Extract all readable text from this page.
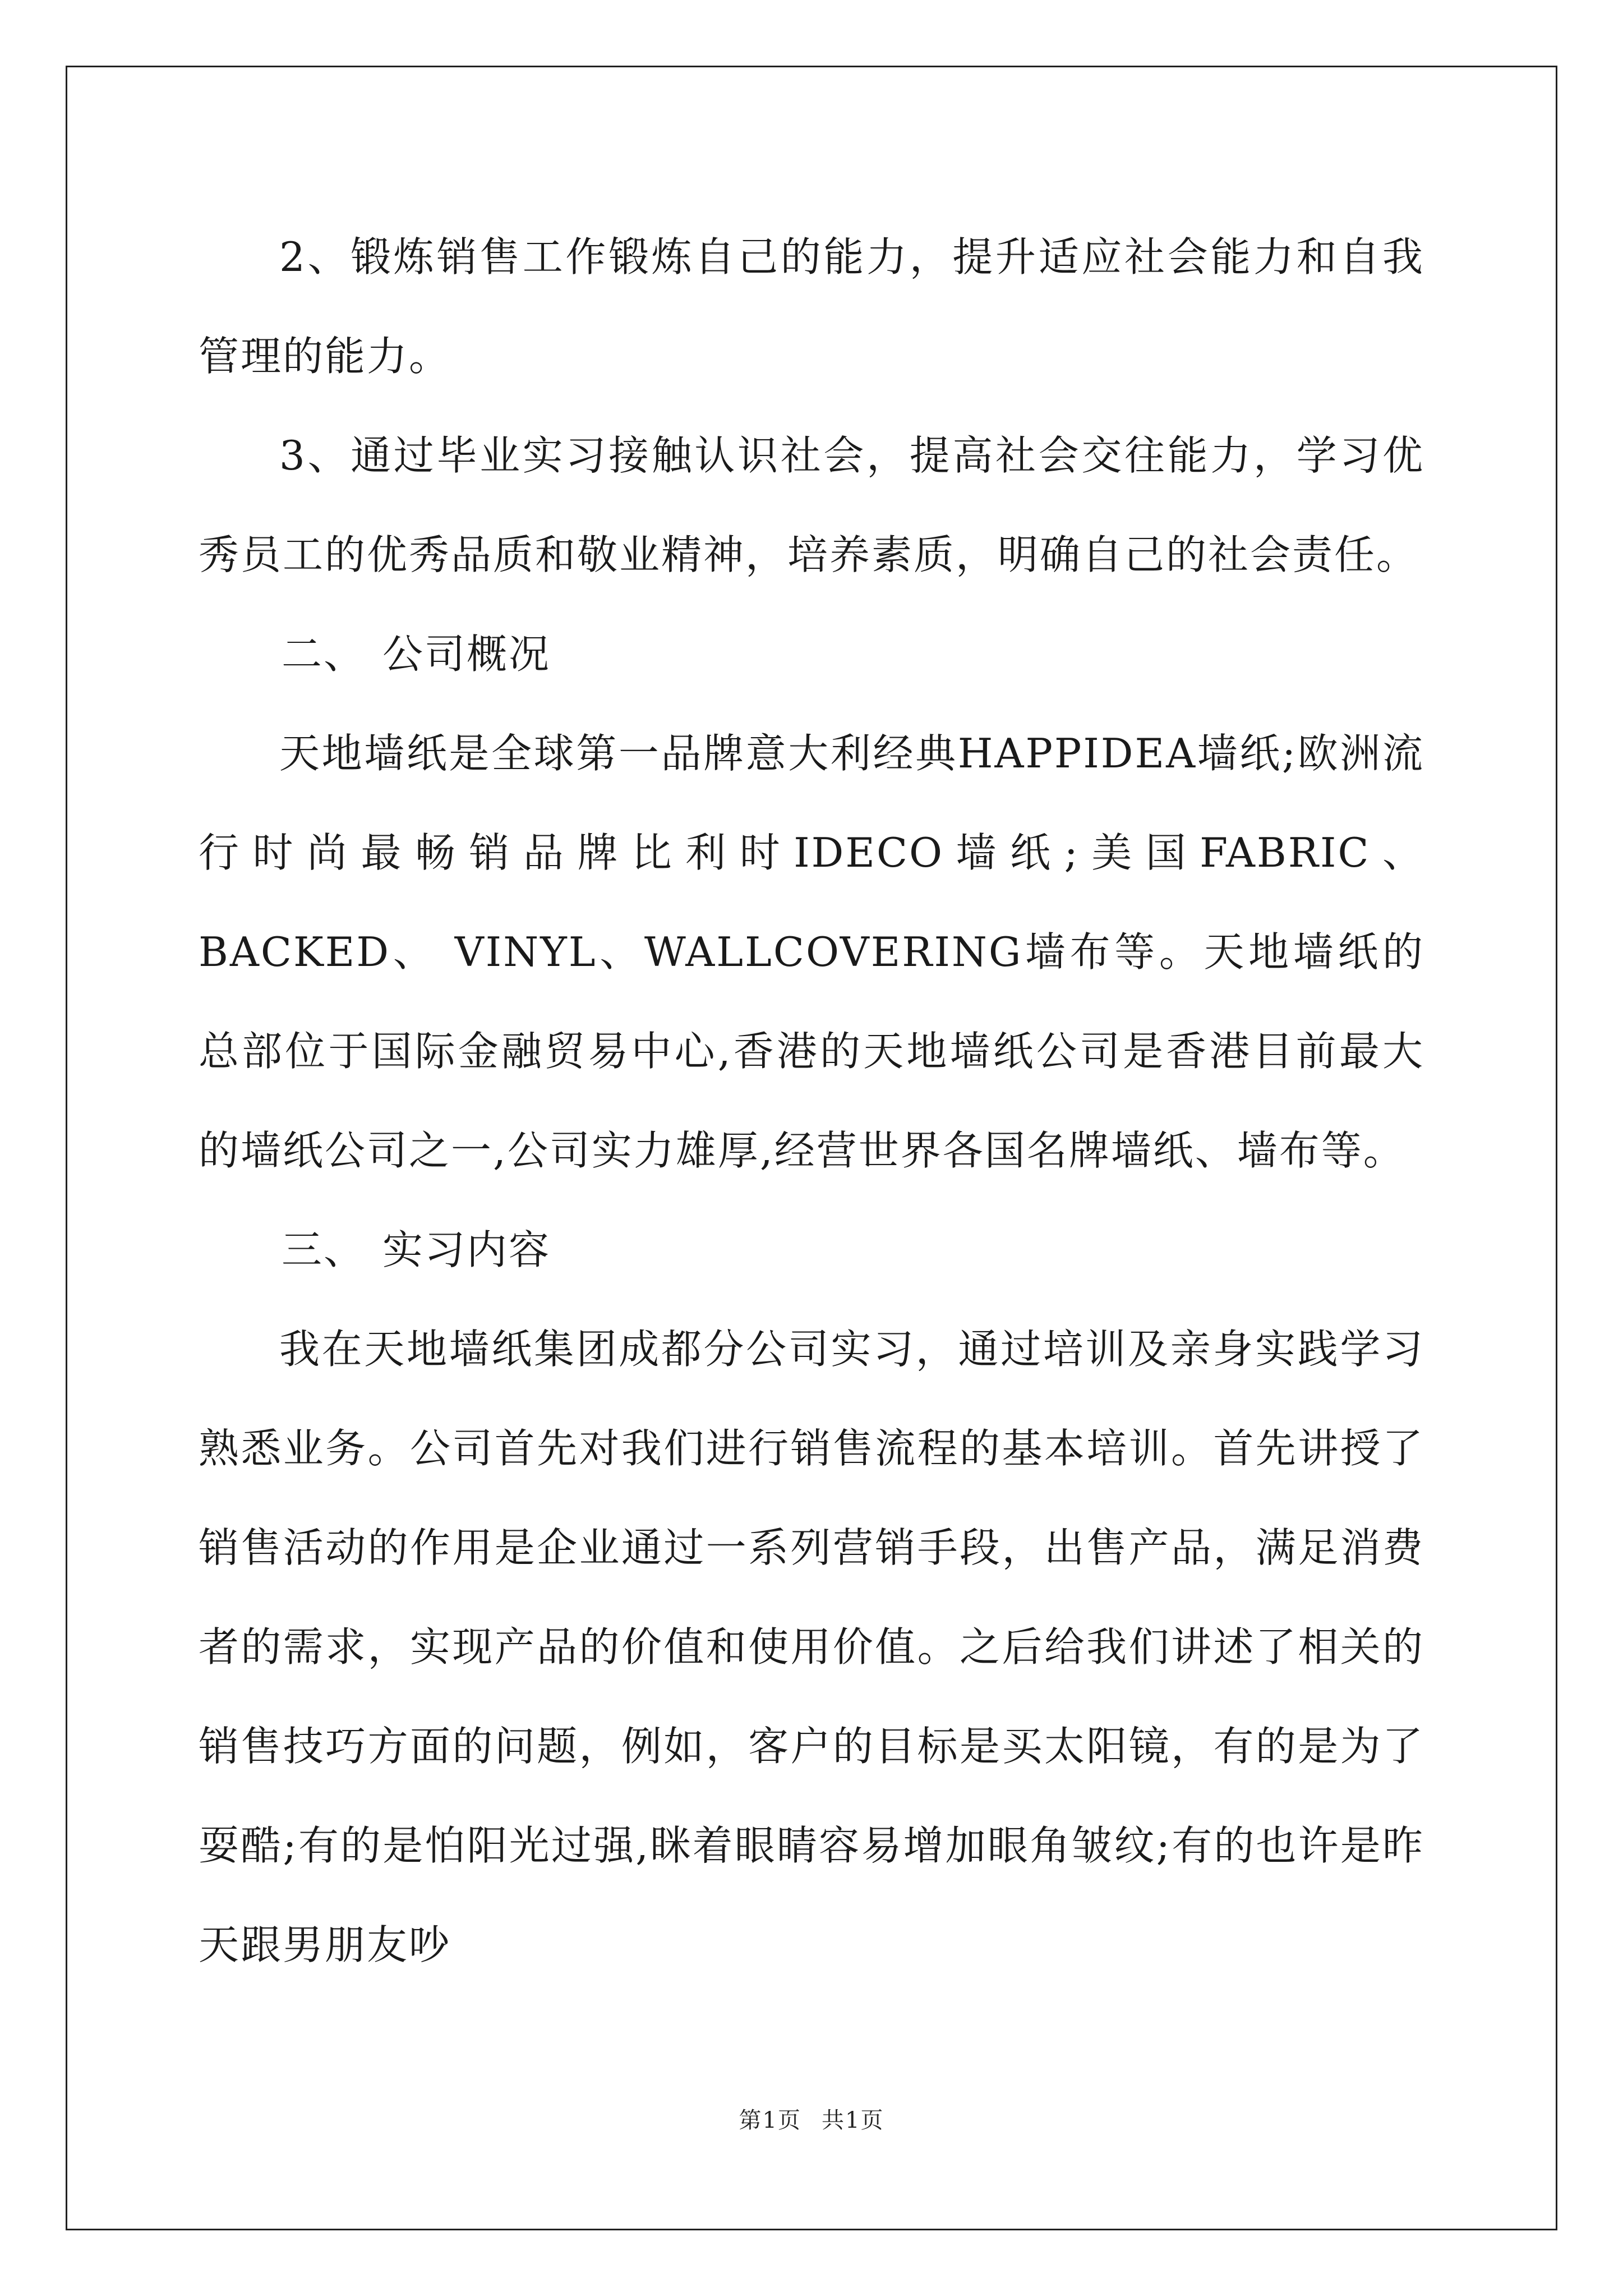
2、锻炼销售工作锻炼自己的能力，提升适应社会能力和自我管理的能力。

3、通过毕业实习接触认识社会，提高社会交往能力，学习优秀员工的优秀品质和敬业精神，培养素质，明确自己的社会责任。

二、 公司概况

天地墙纸是全球第一品牌意大利经典HAPPIDEA墙纸;欧洲流行时尚最畅销品牌比利时IDECO墙纸;美国FABRIC、BACKED、 VINYL、WALLCOVERING墙布等。天地墙纸的总部位于国际金融贸易中心,香港的天地墙纸公司是香港目前最大的墙纸公司之一,公司实力雄厚,经营世界各国名牌墙纸、墙布等。

三、 实习内容

我在天地墙纸集团成都分公司实习，通过培训及亲身实践学习熟悉业务。公司首先对我们进行销售流程的基本培训。首先讲授了销售活动的作用是企业通过一系列营销手段，出售产品，满足消费者的需求，实现产品的价值和使用价值。之后给我们讲述了相关的销售技巧方面的问题，例如，客户的目标是买太阳镜，有的是为了耍酷;有的是怕阳光过强,眯着眼睛容易增加眼角皱纹;有的也许是昨天跟男朋友吵

第1页 共1页
